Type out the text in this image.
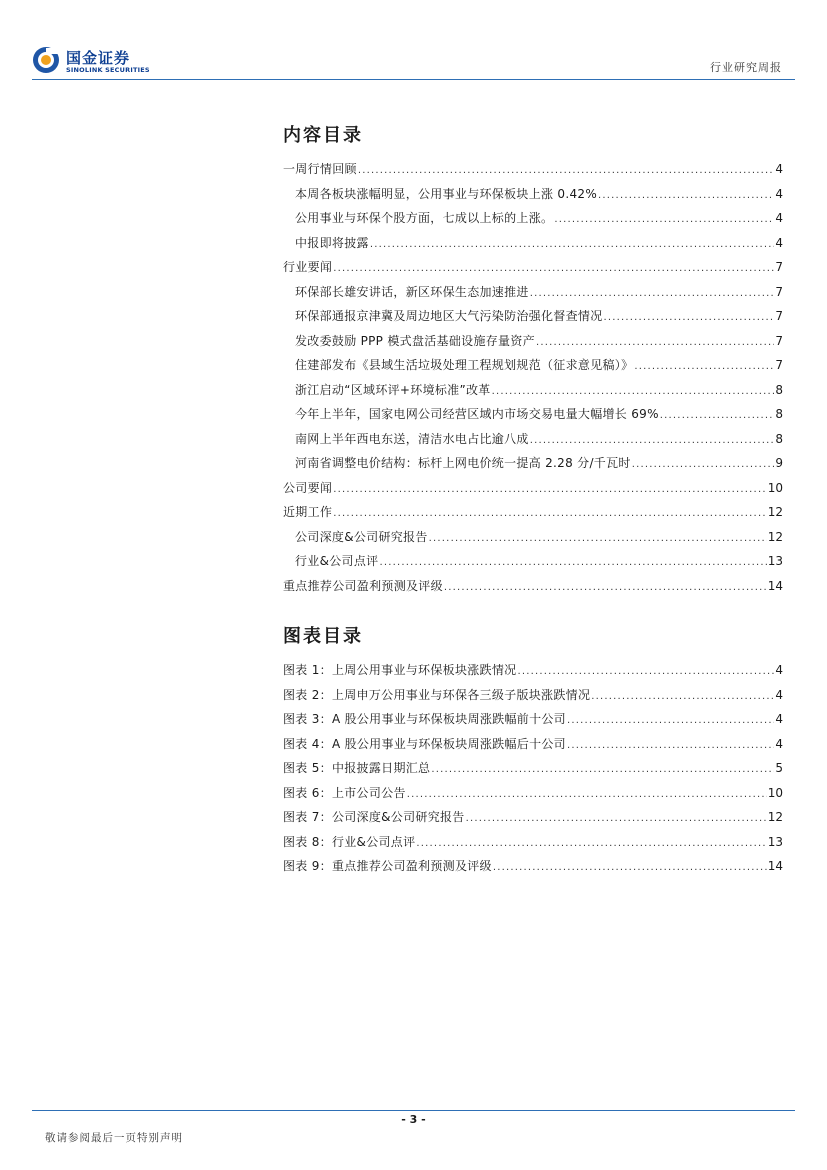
国金证券
SINOLINK SECURITIES	行业研究周报
内容目录
一周行情回顾 .....	4
本周各板块涨幅明显，公用事业与环保板块上涨 0.42% .....	4
公用事业与环保个股方面，七成以上标的上涨。 .....	4
中报即将披露 .....	4
行业要闻 .....	7
环保部长雄安讲话，新区环保生态加速推进 .....	7
环保部通报京津冀及周边地区大气污染防治强化督查情况 .....	7
发改委鼓励 PPP 模式盘活基础设施存量资产 .....	7
住建部发布《县域生活垃圾处理工程规划规范（征求意见稿）》 .....	7
浙江启动“区域环评+环境标准”改革 .....	8
今年上半年，国家电网公司经营区域内市场交易电量大幅增长 69% .....	8
南网上半年西电东送，清洁水电占比逾八成 .....	8
河南省调整电价结构：标杆上网电价统一提高 2.28 分/千瓦时 .....	9
公司要闻 .....	10
近期工作 .....	12
公司深度&公司研究报告 .....	12
行业&公司点评 .....	13
重点推荐公司盈利预测及评级 .....	14
图表目录
图表 1：上周公用事业与环保板块涨跌情况 .....	4
图表 2：上周申万公用事业与环保各三级子版块涨跌情况 .....	4
图表 3：A 股公用事业与环保板块周涨跌幅前十公司 .....	4
图表 4：A 股公用事业与环保板块周涨跌幅后十公司 .....	4
图表 5：中报披露日期汇总 .....	5
图表 6：上市公司公告 .....	10
图表 7：公司深度&公司研究报告 .....	12
图表 8：行业&公司点评 .....	13
图表 9：重点推荐公司盈利预测及评级 .....	14
- 3 -
敬请参阅最后一页特别声明
